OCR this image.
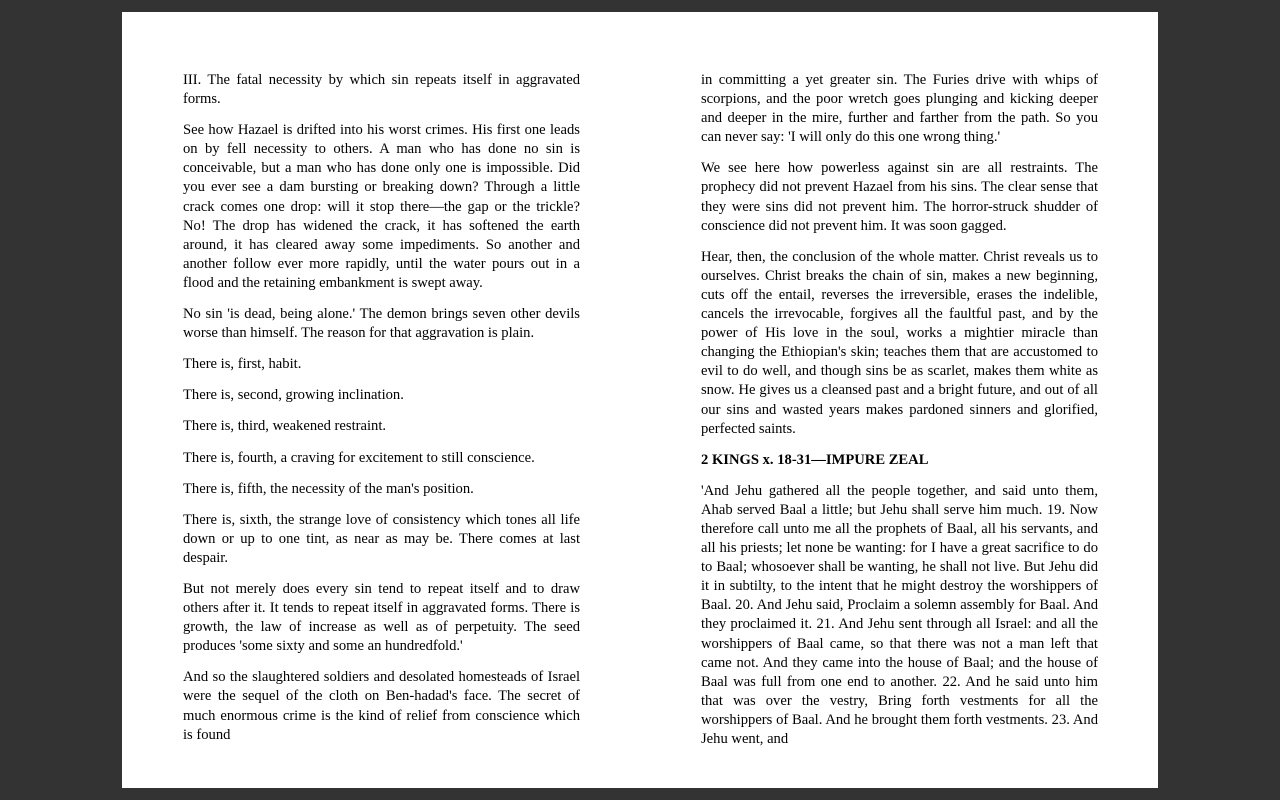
III. The fatal necessity by which sin repeats itself in aggravated forms.

See how Hazael is drifted into his worst crimes. His first one leads on by fell necessity to others. A man who has done no sin is conceivable, but a man who has done only one is impossible. Did you ever see a dam bursting or breaking down? Through a little crack comes one drop: will it stop there—the gap or the trickle? No! The drop has widened the crack, it has softened the earth around, it has cleared away some impediments. So another and another follow ever more rapidly, until the water pours out in a flood and the retaining embankment is swept away.

No sin 'is dead, being alone.' The demon brings seven other devils worse than himself. The reason for that aggravation is plain.

There is, first, habit.

There is, second, growing inclination.

There is, third, weakened restraint.

There is, fourth, a craving for excitement to still conscience.

There is, fifth, the necessity of the man's position.

There is, sixth, the strange love of consistency which tones all life down or up to one tint, as near as may be. There comes at last despair.

But not merely does every sin tend to repeat itself and to draw others after it. It tends to repeat itself in aggravated forms. There is growth, the law of increase as well as of perpetuity. The seed produces 'some sixty and some an hundredfold.'

And so the slaughtered soldiers and desolated homesteads of Israel were the sequel of the cloth on Ben-hadad's face. The secret of much enormous crime is the kind of relief from conscience which is found

in committing a yet greater sin. The Furies drive with whips of scorpions, and the poor wretch goes plunging and kicking deeper and deeper in the mire, further and farther from the path. So you can never say: 'I will only do this one wrong thing.'

We see here how powerless against sin are all restraints. The prophecy did not prevent Hazael from his sins. The clear sense that they were sins did not prevent him. The horror-struck shudder of conscience did not prevent him. It was soon gagged.

Hear, then, the conclusion of the whole matter. Christ reveals us to ourselves. Christ breaks the chain of sin, makes a new beginning, cuts off the entail, reverses the irreversible, erases the indelible, cancels the irrevocable, forgives all the faultful past, and by the power of His love in the soul, works a mightier miracle than changing the Ethiopian's skin; teaches them that are accustomed to evil to do well, and though sins be as scarlet, makes them white as snow. He gives us a cleansed past and a bright future, and out of all our sins and wasted years makes pardoned sinners and glorified, perfected saints.

2 KINGS x. 18-31—IMPURE ZEAL

'And Jehu gathered all the people together, and said unto them, Ahab served Baal a little; but Jehu shall serve him much. 19. Now therefore call unto me all the prophets of Baal, all his servants, and all his priests; let none be wanting: for I have a great sacrifice to do to Baal; whosoever shall be wanting, he shall not live. But Jehu did it in subtilty, to the intent that he might destroy the worshippers of Baal. 20. And Jehu said, Proclaim a solemn assembly for Baal. And they proclaimed it. 21. And Jehu sent through all Israel: and all the worshippers of Baal came, so that there was not a man left that came not. And they came into the house of Baal; and the house of Baal was full from one end to another. 22. And he said unto him that was over the vestry, Bring forth vestments for all the worshippers of Baal. And he brought them forth vestments. 23. And Jehu went, and
